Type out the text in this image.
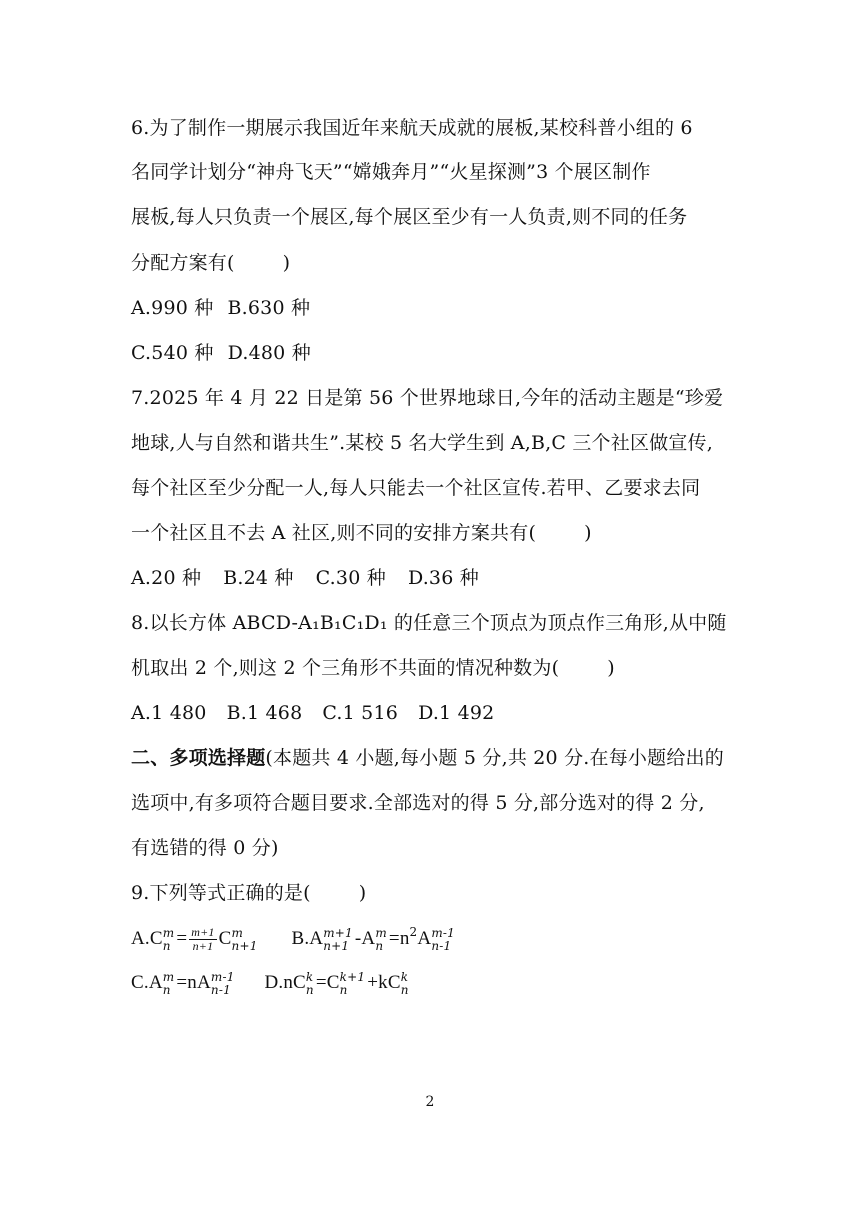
6.为了制作一期展示我国近年来航天成就的展板,某校科普小组的 6
名同学计划分“神舟飞天”“嫦娥奔月”“火星探测”3 个展区制作
展板,每人只负责一个展区,每个展区至少有一人负责,则不同的任务
分配方案有(	)
A.990 种 B.630 种
C.540 种 D.480 种
7.2025 年 4 月 22 日是第 56 个世界地球日,今年的活动主题是“珍爱
地球,人与自然和谐共生”.某校 5 名大学生到 A,B,C 三个社区做宣传,
每个社区至少分配一人,每人只能去一个社区宣传.若甲、乙要求去同
一个社区且不去 A 社区,则不同的安排方案共有(	)
A.20 种 B.24 种 C.30 种 D.36 种
8.以长方体 ABCD-A₁B₁C₁D₁ 的任意三个顶点为顶点作三角形,从中随
机取出 2 个,则这 2 个三角形不共面的情况种数为(	)
A.1 480 B.1 468 C.1 516 D.1 492
二、多项选择题(本题共 4 小题,每小题 5 分,共 20 分.在每小题给出的
选项中,有多项符合题目要求.全部选对的得 5 分,部分选对的得 2 分,
有选错的得 0 分)
9.下列等式正确的是(	)
A.C m
$n = \frac{m+1}{n+1}$ C m
n+1 B.A m+1
n+1 -A m
$n =n^2A$ m-1
n-1
C.A m
n =nA m-1
n-1 D.nC k
n =C k+1
n	+kC k
n
2
